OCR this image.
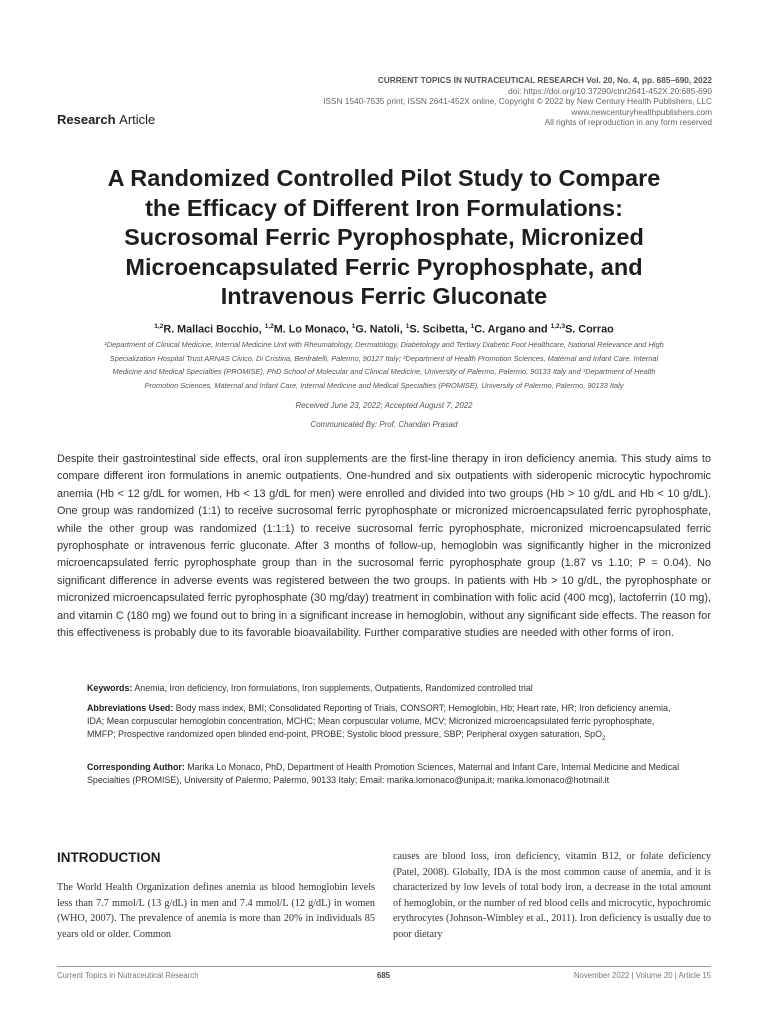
CURRENT TOPICS IN NUTRACEUTICAL RESEARCH Vol. 20, No. 4, pp. 685–690, 2022
doi: https://doi.org/10.37290/ctnr2641-452X.20:685-690
ISSN 1540-7535 print, ISSN 2641-452X online, Copyright © 2022 by New Century Health Publishers, LLC
www.newcenturyhealthpublishers.com
All rights of reproduction in any form reserved
Research Article
A Randomized Controlled Pilot Study to Compare
the Efficacy of Different Iron Formulations:
Sucrosomal Ferric Pyrophosphate, Micronized
Microencapsulated Ferric Pyrophosphate, and
Intravenous Ferric Gluconate
$^{1,2}$R. Mallaci Bocchio, $^{1,2}$M. Lo Monaco, $^1$G. Natoli, $^1$S. Scibetta, $^1$C. Argano and $^{1,2,3}$S. Corrao
¹Department of Clinical Medicine, Internal Medicine Unit with Rheumatology, Dermatology, Diabetology and Tertiary Diabetic Foot Healthcare, National Relevance and High
Specialization Hospital Trust ARNAS Civico, Di Cristina, Benfratelli, Palermo, 90127 Italy; ²Department of Health Promotion Sciences, Maternal and Infant Care, Internal
Medicine and Medical Specialties (PROMISE), PhD School of Molecular and Clinical Medicine, University of Palermo, Palermo, 90133 Italy and ³Department of Health
Promotion Sciences, Maternal and Infant Care, Internal Medicine and Medical Specialties (PROMISE), University of Palermo, Palermo, 90133 Italy
Received June 23, 2022; Accepted August 7, 2022
Communicated By: Prof. Chandan Prasad
Despite their gastrointestinal side effects, oral iron supplements are the first-line therapy in iron deficiency anemia. This study aims to compare different iron formulations in anemic outpatients. One-hundred and six outpatients with sideropenic microcytic hypochromic anemia (Hb < 12 g/dL for women, Hb < 13 g/dL for men) were enrolled and divided into two groups (Hb > 10 g/dL and Hb < 10 g/dL). One group was randomized (1:1) to receive sucrosomal ferric pyrophosphate or micronized microencapsulated ferric pyrophosphate, while the other group was randomized (1:1:1) to receive sucrosomal ferric pyrophosphate, micronized microencapsulated ferric pyrophosphate or intravenous ferric gluconate. After 3 months of follow-up, hemoglobin was significantly higher in the micronized microencapsulated ferric pyrophosphate group than in the sucrosomal ferric pyrophosphate group (1.87 vs 1.10; P = 0.04). No significant difference in adverse events was registered between the two groups. In patients with Hb > 10 g/dL, the pyrophosphate or micronized microencapsulated ferric pyrophosphate (30 mg/day) treatment in combination with folic acid (400 mcg), lactoferrin (10 mg), and vitamin C (180 mg) we found out to bring in a significant increase in hemoglobin, without any significant side effects. The reason for this effectiveness is probably due to its favorable bioavailability. Further comparative studies are needed with other forms of iron.
Keywords: Anemia, Iron deficiency, Iron formulations, Iron supplements, Outpatients, Randomized controlled trial
Abbreviations Used: Body mass index, BMI; Consolidated Reporting of Trials, CONSORT; Hemoglobin, Hb; Heart rate, HR; Iron deficiency anemia, IDA; Mean corpuscular hemoglobin concentration, MCHC; Mean corpuscular volume, MCV; Micronized microencapsulated ferric pyrophosphate, MMFP; Prospective randomized open blinded end-point, PROBE; Systolic blood pressure, SBP; Peripheral oxygen saturation, SpO$_2$
Corresponding Author: Marika Lo Monaco, PhD, Department of Health Promotion Sciences, Maternal and Infant Care, Internal Medicine and Medical Specialties (PROMISE), University of Palermo, Palermo, 90133 Italy; Email: marika.lomonaco@unipa.it; marika.lomonaco@hotmail.it
INTRODUCTION
The World Health Organization defines anemia as blood hemoglobin levels less than 7.7 mmol/L (13 g/dL) in men and 7.4 mmol/L (12 g/dL) in women (WHO, 2007). The prevalence of anemia is more than 20% in individuals 85 years old or older. Common
causes are blood loss, iron deficiency, vitamin B12, or folate deficiency (Patel, 2008). Globally, IDA is the most common cause of anemia, and it is characterized by low levels of total body iron, a decrease in the total amount of hemoglobin, or the number of red blood cells and microcytic, hypochromic erythrocytes (Johnson-Wimbley et al., 2011). Iron deficiency is usually due to poor dietary
Current Topics in Nutraceutical Research	685	November 2022 | Volume 20 | Article 15
